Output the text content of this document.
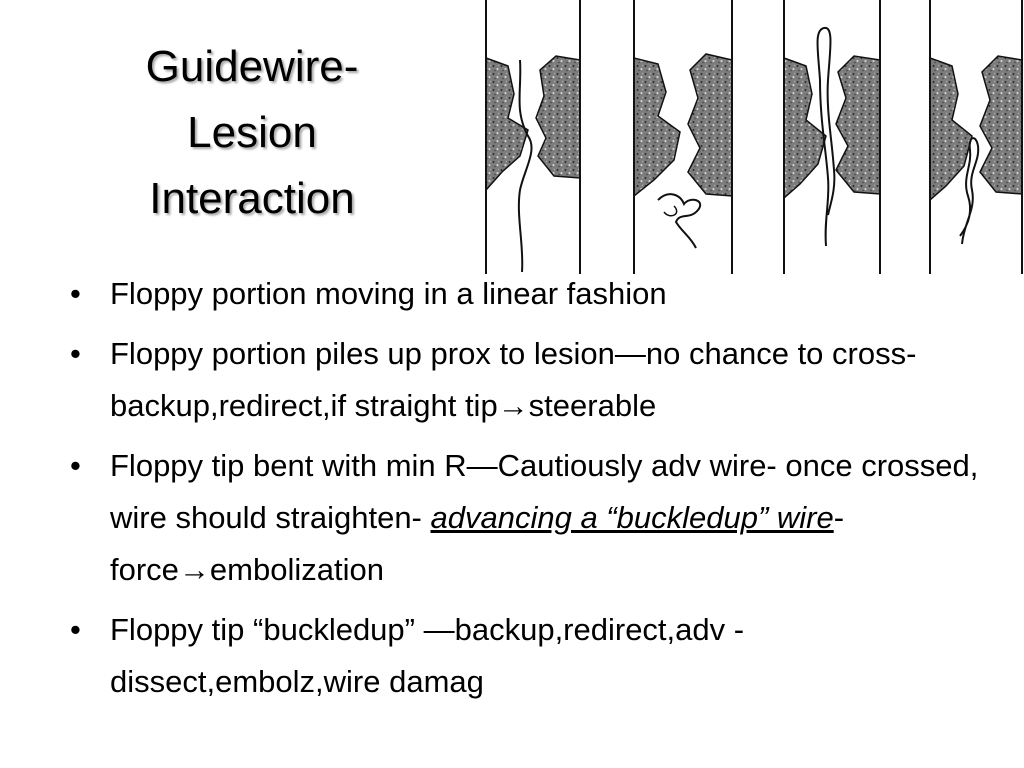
Guidewire-
Lesion
Interaction
• Floppy portion moving in a linear fashion
• Floppy portion piles up prox to lesion—no chance to cross- backup,redirect,if straight tip→steerable
• Floppy tip bent with min R—Cautiously adv wire- once crossed, wire should straighten- advancing a “buckledup” wire- force→embolization
• Floppy tip “buckledup” —backup,redirect,adv -dissect,embolz,wire damag
